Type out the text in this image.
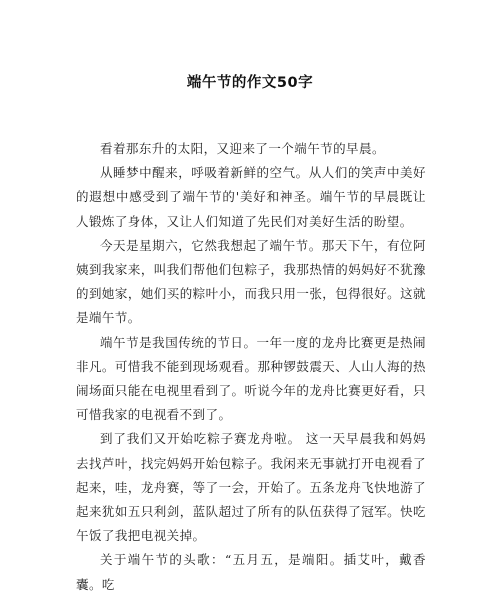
端午节的作文50字

看着那东升的太阳，又迎来了一个端午节的早晨。

从睡梦中醒来，呼吸着新鲜的空气。从人们的笑声中美好的遐想中感受到了端午节的'美好和神圣。端午节的早晨既让人锻炼了身体，又让人们知道了先民们对美好生活的盼望。

今天是星期六，它然我想起了端午节。那天下午，有位阿姨到我家来，叫我们帮他们包粽子，我那热情的妈妈好不犹豫的到她家，她们买的粽叶小，而我只用一张，包得很好。这就是端午节。

端午节是我国传统的节日。一年一度的龙舟比赛更是热闹非凡。可惜我不能到现场观看。那种锣鼓震天、人山人海的热闹场面只能在电视里看到了。听说今年的龙舟比赛更好看，只可惜我家的电视看不到了。

到了我们又开始吃粽子赛龙舟啦。 这一天早晨我和妈妈去找芦叶，找完妈妈开始包粽子。我闲来无事就打开电视看了起来，哇，龙舟赛，等了一会，开始了。五条龙舟飞快地游了起来犹如五只利剑，蓝队超过了所有的队伍获得了冠军。快吃午饭了我把电视关掉。

关于端午节的头歌：“五月五，是端阳。插艾叶，戴香囊。吃
